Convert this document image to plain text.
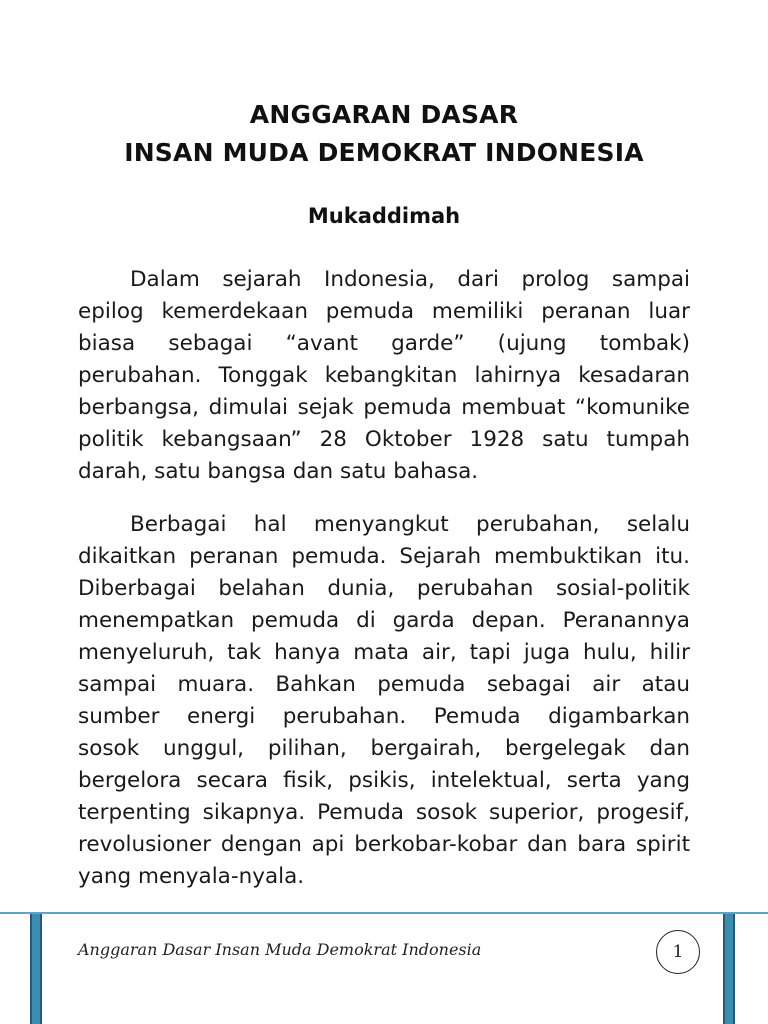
ANGGARAN DASAR
INSAN MUDA DEMOKRAT INDONESIA
Mukaddimah
Dalam sejarah Indonesia, dari prolog sampai
epilog kemerdekaan pemuda memiliki peranan luar
biasa sebagai “avant garde” (ujung tombak)
perubahan. Tonggak kebangkitan lahirnya kesadaran
berbangsa, dimulai sejak pemuda membuat “komunike
politik kebangsaan” 28 Oktober 1928 satu tumpah
darah, satu bangsa dan satu bahasa.
Berbagai hal menyangkut perubahan, selalu
dikaitkan peranan pemuda. Sejarah membuktikan itu.
Diberbagai belahan dunia, perubahan sosial-politik
menempatkan pemuda di garda depan. Peranannya
menyeluruh, tak hanya mata air, tapi juga hulu, hilir
sampai muara. Bahkan pemuda sebagai air atau
sumber energi perubahan. Pemuda digambarkan
sosok unggul, pilihan, bergairah, bergelegak dan
bergelora secara fisik, psikis, intelektual, serta yang
terpenting sikapnya. Pemuda sosok superior, progesif,
revolusioner dengan api berkobar-kobar dan bara spirit
yang menyala-nyala.
Anggaran Dasar Insan Muda Demokrat Indonesia	1
